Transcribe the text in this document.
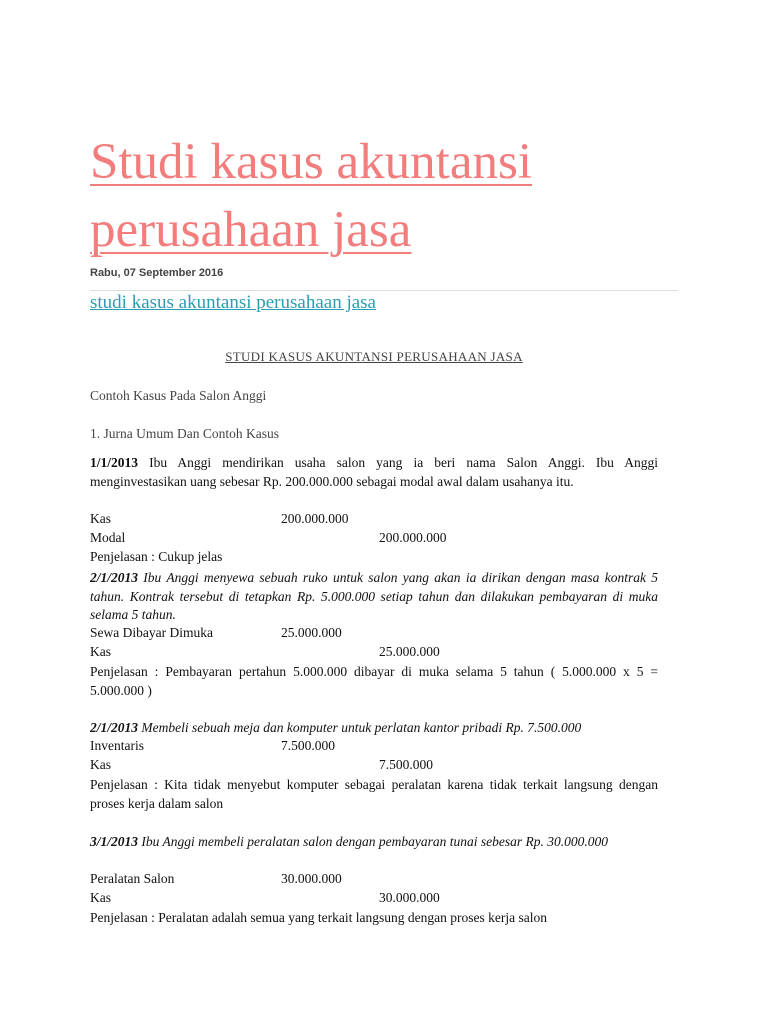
Studi kasus akuntansi perusahaan jasa
Rabu, 07 September 2016
studi kasus akuntansi perusahaan jasa
STUDI KASUS AKUNTANSI PERUSAHAAN JASA
Contoh Kasus Pada Salon Anggi
1. Jurna Umum Dan Contoh Kasus
1/1/2013 Ibu Anggi mendirikan usaha salon yang ia beri nama Salon Anggi. Ibu Anggi menginvestasikan uang sebesar Rp. 200.000.000 sebagai modal awal dalam usahanya itu.
Kas	200.000.000
Modal	200.000.000
Penjelasan : Cukup jelas
2/1/2013 Ibu Anggi menyewa sebuah ruko untuk salon yang akan ia dirikan dengan masa kontrak 5 tahun. Kontrak tersebut di tetapkan Rp. 5.000.000 setiap tahun dan dilakukan pembayaran di muka selama 5 tahun.
Sewa Dibayar Dimuka	25.000.000
Kas	25.000.000
Penjelasan : Pembayaran pertahun 5.000.000 dibayar di muka selama 5 tahun ( 5.000.000 x 5 = 5.000.000 )
2/1/2013 Membeli sebuah meja dan komputer untuk perlatan kantor pribadi Rp. 7.500.000
Inventaris	7.500.000
Kas	7.500.000
Penjelasan : Kita tidak menyebut komputer sebagai peralatan karena tidak terkait langsung dengan proses kerja dalam salon
3/1/2013 Ibu Anggi membeli peralatan salon dengan pembayaran tunai sebesar Rp. 30.000.000
Peralatan Salon	30.000.000
Kas	30.000.000
Penjelasan : Peralatan adalah semua yang terkait langsung dengan proses kerja salon
